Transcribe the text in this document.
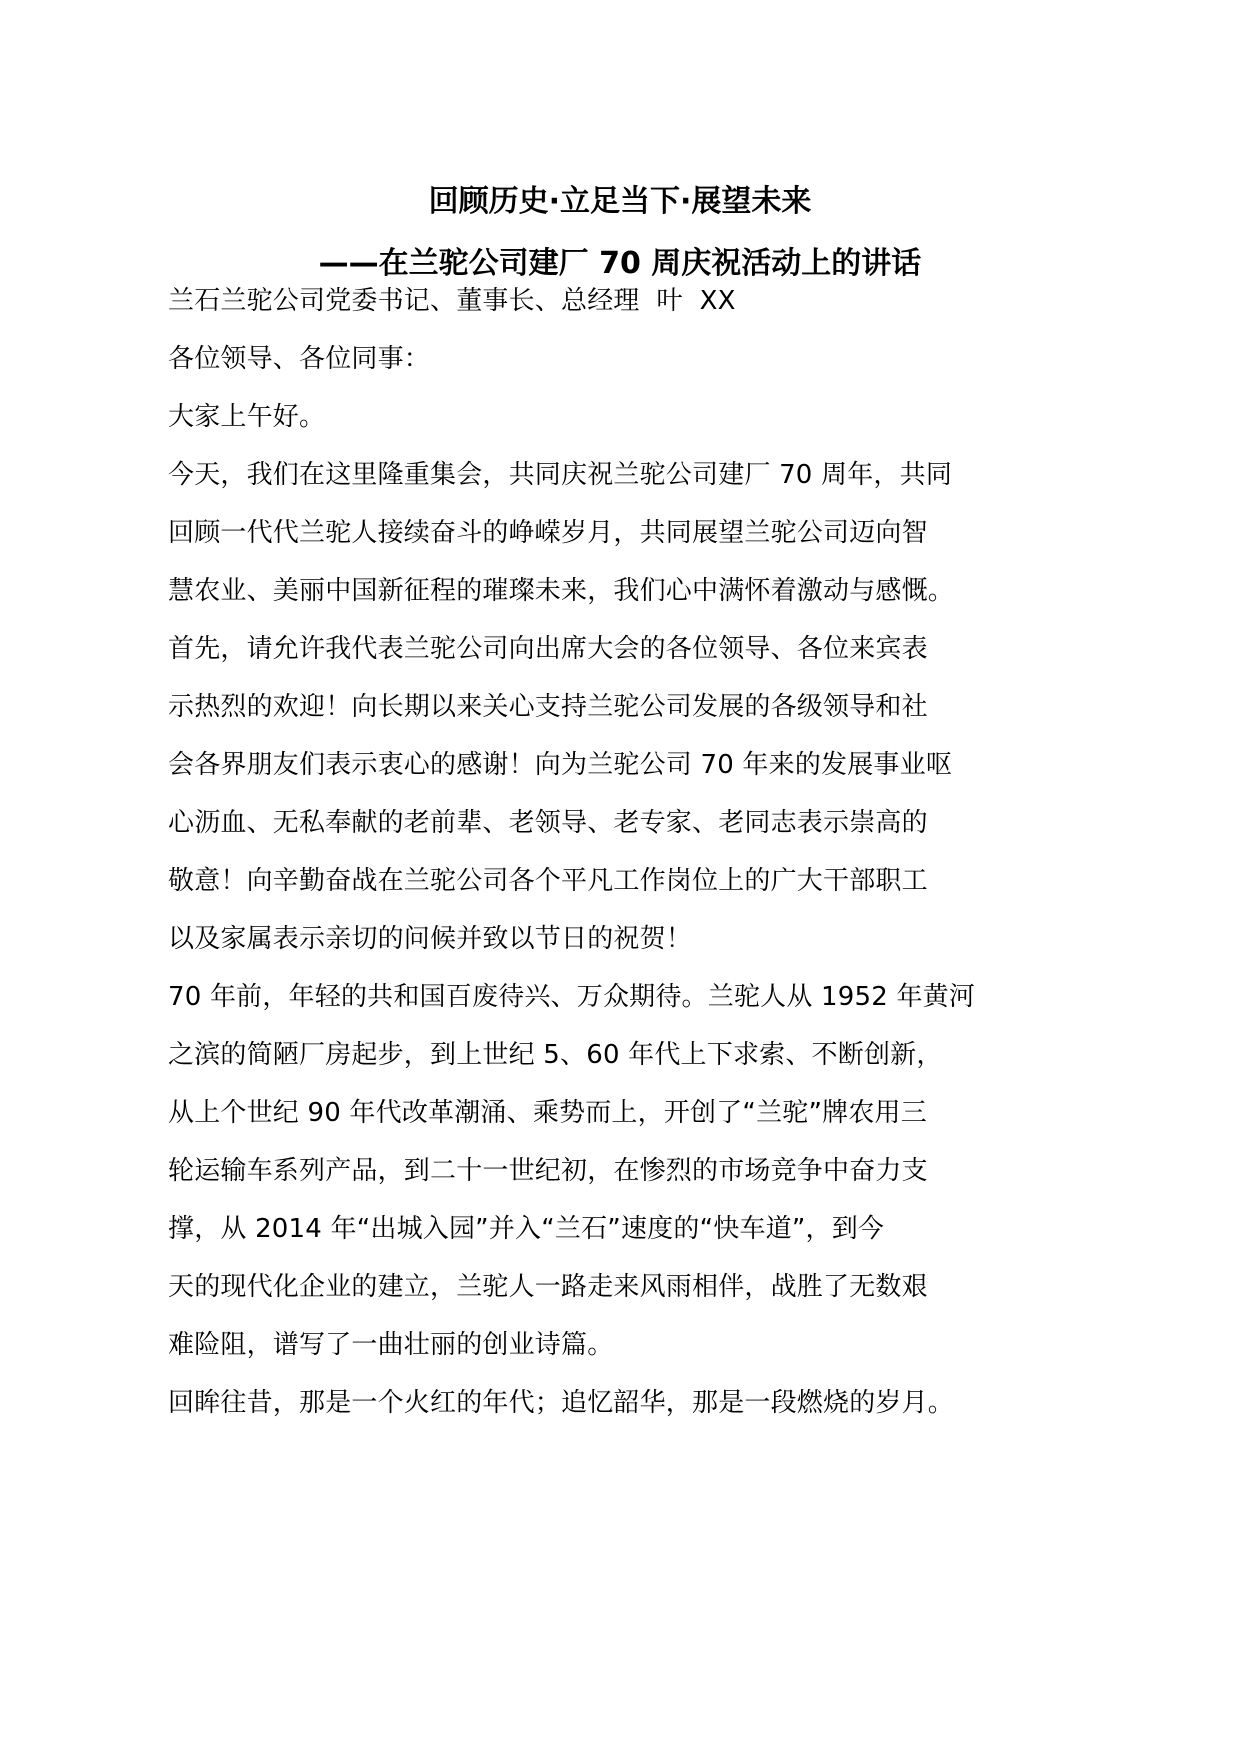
回顾历史·立足当下·展望未来
——在兰驼公司建厂 70 周庆祝活动上的讲话
兰石兰驼公司党委书记、董事长、总经理  叶  XX
各位领导、各位同事：
大家上午好。
今天，我们在这里隆重集会，共同庆祝兰驼公司建厂 70 周年，共同
回顾一代代兰驼人接续奋斗的峥嵘岁月，共同展望兰驼公司迈向智
慧农业、美丽中国新征程的璀璨未来，我们心中满怀着激动与感慨。
首先，请允许我代表兰驼公司向出席大会的各位领导、各位来宾表
示热烈的欢迎！向长期以来关心支持兰驼公司发展的各级领导和社
会各界朋友们表示衷心的感谢！向为兰驼公司 70 年来的发展事业呕
心沥血、无私奉献的老前辈、老领导、老专家、老同志表示崇高的
敬意！向辛勤奋战在兰驼公司各个平凡工作岗位上的广大干部职工
以及家属表示亲切的问候并致以节日的祝贺！
70 年前，年轻的共和国百废待兴、万众期待。兰驼人从 1952 年黄河
之滨的简陋厂房起步，到上世纪 5、60 年代上下求索、不断创新，
从上个世纪 90 年代改革潮涌、乘势而上，开创了“兰驼”牌农用三
轮运输车系列产品，到二十一世纪初，在惨烈的市场竞争中奋力支
撑，从 2014 年“出城入园”并入“兰石”速度的“快车道”，到今
天的现代化企业的建立，兰驼人一路走来风雨相伴，战胜了无数艰
难险阻，谱写了一曲壮丽的创业诗篇。
回眸往昔，那是一个火红的年代；追忆韶华，那是一段燃烧的岁月。
